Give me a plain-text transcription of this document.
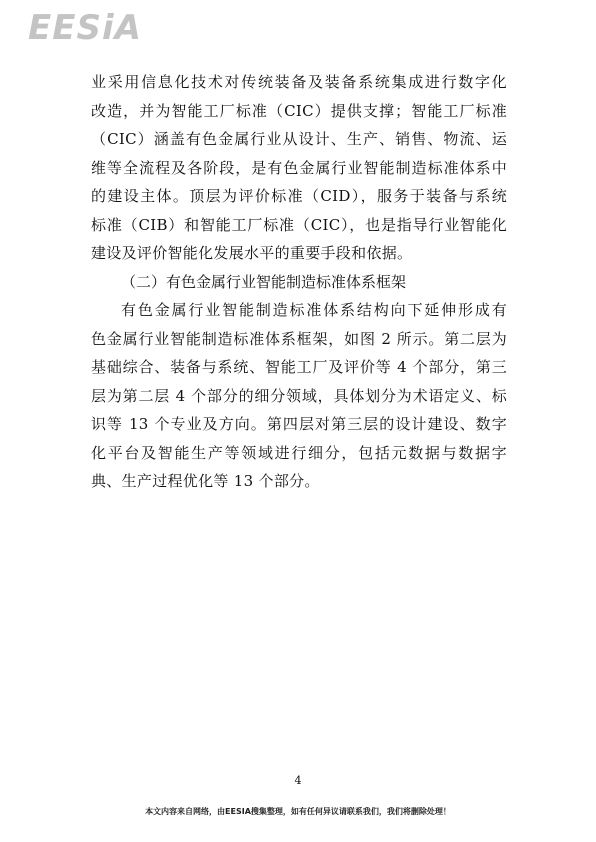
EESiA
业采用信息化技术对传统装备及装备系统集成进行数字化
改造，并为智能工厂标准（CIC）提供支撑；智能工厂标准
（CIC）涵盖有色金属行业从设计、生产、销售、物流、运
维等全流程及各阶段，是有色金属行业智能制造标准体系中
的建设主体。顶层为评价标准（CID），服务于装备与系统
标准（CIB）和智能工厂标准（CIC），也是指导行业智能化
建设及评价智能化发展水平的重要手段和依据。
（二）有色金属行业智能制造标准体系框架
有色金属行业智能制造标准体系结构向下延伸形成有
色金属行业智能制造标准体系框架，如图 2 所示。第二层为
基础综合、装备与系统、智能工厂及评价等 4 个部分，第三
层为第二层 4 个部分的细分领域，具体划分为术语定义、标
识等 13 个专业及方向。第四层对第三层的设计建设、数字
化平台及智能生产等领域进行细分，包括元数据与数据字
典、生产过程优化等 13 个部分。
4
本文内容来自网络，由EESIA搜集整理，如有任何异议请联系我们，我们将删除处理！
